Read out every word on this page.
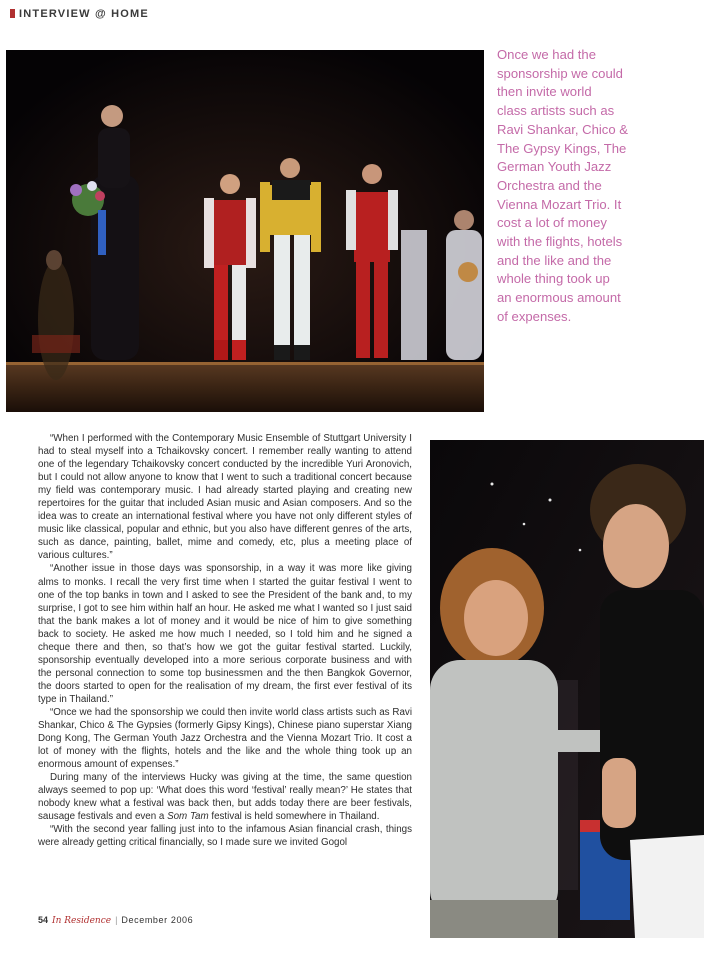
INTERVIEW @ HOME
Once we had the
sponsorship we could
then invite world
class artists such as
Ravi Shankar, Chico &
The Gypsy Kings, The
German Youth Jazz
Orchestra and the
Vienna Mozart Trio. It
cost a lot of money
with the flights, hotels
and the like and the
whole thing took up
an enormous amount
of expenses.

“When I performed with the Contemporary Music Ensemble of Stuttgart University I had to steal myself into a Tchaikovsky concert. I remember really wanting to attend one of the legendary Tchaikovsky concert conducted by the incredible Yuri Aronovich, but I could not allow anyone to know that I went to such a traditional concert because my field was contemporary music. I had already started playing and creating new repertoires for the guitar that included Asian music and Asian composers. And so the idea was to create an international festival where you have not only different styles of music like classical, popular and ethnic, but you also have different genres of the arts, such as dance, painting, ballet, mime and comedy, etc, plus a meeting place of various cultures.”

“Another issue in those days was sponsorship, in a way it was more like giving alms to monks. I recall the very first time when I started the guitar festival I went to one of the top banks in town and I asked to see the President of the bank and, to my surprise, I got to see him within half an hour. He asked me what I wanted so I just said that the bank makes a lot of money and it would be nice of him to give something back to society. He asked me how much I needed, so I told him and he signed a cheque there and then, so that’s how we got the guitar festival started. Luckily, sponsorship eventually developed into a more serious corporate business and with the personal connection to some top businessmen and the then Bangkok Governor, the doors started to open for the realisation of my dream, the first ever festival of its type in Thailand.”

“Once we had the sponsorship we could then invite world class artists such as Ravi Shankar, Chico & The Gypsies (formerly Gipsy Kings), Chinese piano superstar Xiang Dong Kong, The German Youth Jazz Orchestra and the Vienna Mozart Trio. It cost a lot of money with the flights, hotels and the like and the whole thing took up an enormous amount of expenses.”

During many of the interviews Hucky was giving at the time, the same question always seemed to pop up: ‘What does this word ‘festival’ really mean?’ He states that nobody knew what a festival was back then, but adds today there are beer festivals, sausage festivals and even a Som Tam festival is held somewhere in Thailand.

“With the second year falling just into to the infamous Asian financial crash, things were already getting critical financially, so I made sure we invited Gogol

54 In Residence | December 2006
